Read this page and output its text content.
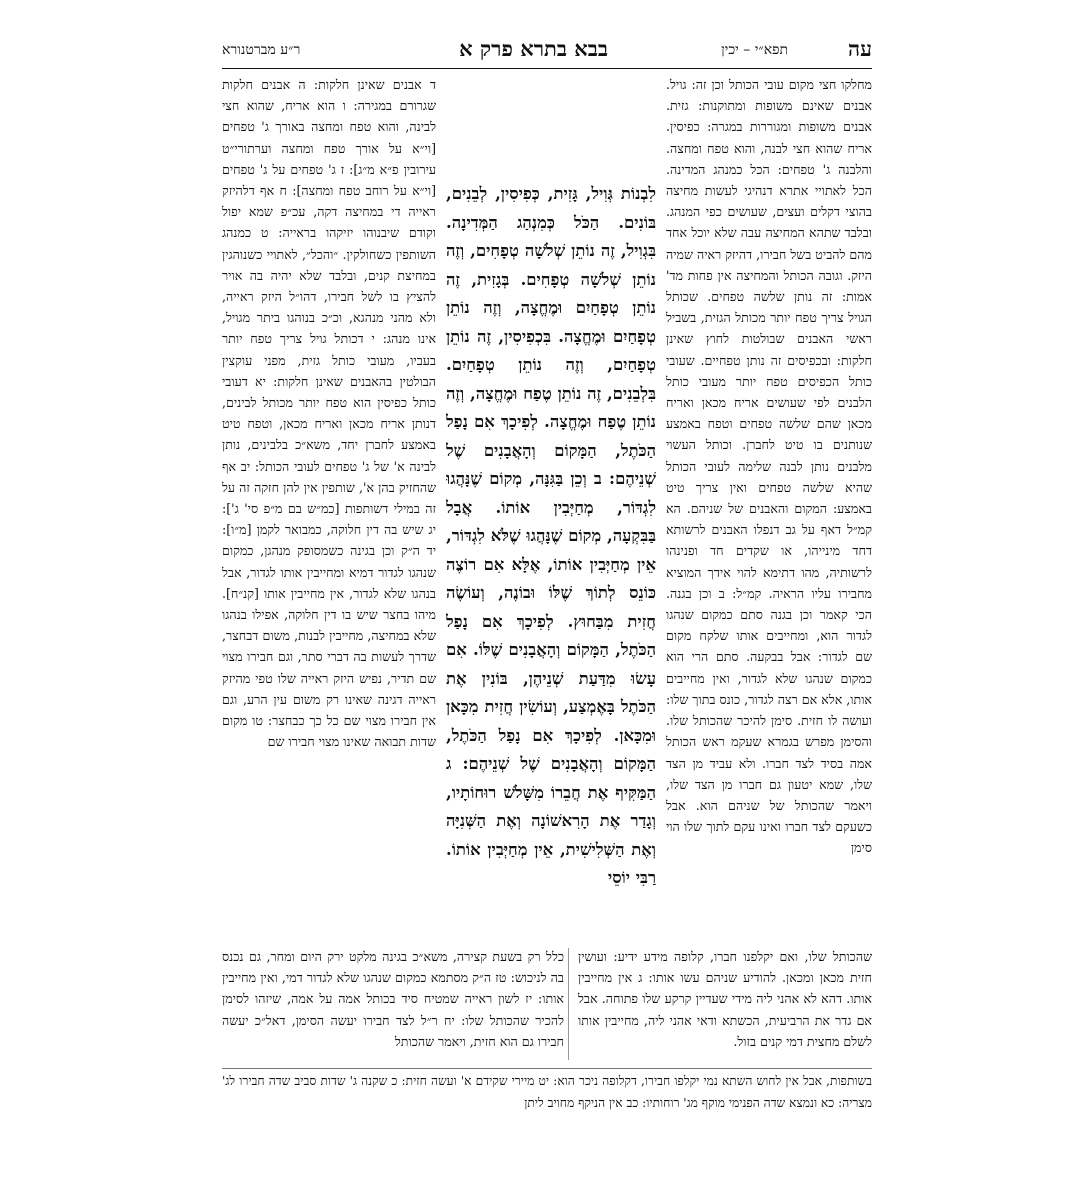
עה
תפא״י – יכין
בבא בתרא פרק א
ר״ע מברטנורא

מחלקו חצי מקום עובי הכותל וכן זה: גויל. אבנים שאינם משופות ומתוקנות: גזית. אבנים משופות ומגוררות במגרה: כפיסין. אריח שהוא חצי לבנה, והוא טפח ומחצה. והלבנה ג' טפחים: הכל כמנהג המדינה. הכל לאתויי אתרא דנהיגי לעשות מחיצה בהוצי דקלים ועצים, שעושים כפי המנהג. ובלבד שתהא המחיצה עבה שלא יוכל אחד מהם להביט בשל חבירו, דהיזק ראיה שמיה היזק. וגובה הכותל והמחיצה אין פחות מד' אמות: זה נותן שלשה טפחים. שכותל הגויל צריך טפח יותר מכותל הגזית, בשביל ראשי האבנים שבולטות לחוץ שאינן חלקות: ובכפיסים זה נותן טפחיים. שעובי כותל הכפיסים טפח יותר מעובי כותל הלבנים לפי שעושים אריח מכאן ואריח מכאן שהם שלשה טפחים וטפח באמצע שנותנים בו טיט לחברן. וכותל העשוי מלבנים נותן לבנה שלימה לעובי הכותל שהיא שלשה טפחים ואין צריך טיט באמצע: המקום והאבנים של שניהם. הא קמ״ל דאף על גב דנפלו האבנים לרשותא דחד מינייהו, או שקדים חד ופנינהו לרשותיה, מהו דתימא להוי אידך המוציא מחבירו עליו הראיה. קמ״ל: ב וכן בגנה. הכי קאמר וכן בגנה סתם כמקום שנהגו לגדור הוא, ומחייבים אותו שלקח מקום שם לגדור: אבל בבקעה. סתם הרי הוא כמקום שנהגו שלא לגדור, ואין מחייבים אותו, אלא אם רצה לגדור, כונס בתוך שלו: ועושה לו חזית. סימן להיכר שהכותל שלו. והסימן מפרש בגמרא שעקמ ראש הכותל אמה בסיד לצד חברו. ולא עביד מן הצד שלו, שמא יטעון גם חברו מן הצד שלו, ויאמר שהכותל של שניהם הוא. אבל כשעקם לצד חברו ואינו עקם לתוך שלו הוי סימן

לִבְנוֹת גְּוִיל, גָּזִית, כְּפִיסִין, לְבֵנִים, בּוֹנִים. הַכֹּל כְּמִנְהַג הַמְּדִינָה. בִּגְוִיל, זֶה נוֹתֵן שְׁלֹשָׁה טְפָחִים, וְזֶה נוֹתֵן שְׁלֹשָׁה טְפָחִים. בְּגָזִית, זֶה נוֹתֵן טְפָחַיִם וּמֶחֱצָה, וְזֶה נוֹתֵן טְפָחַיִם וּמֶחֱצָה. בִּכְפִיסִין, זֶה נוֹתֵן טְפָחַיִם, וְזֶה נוֹתֵן טְפָחַיִם. בִּלְבֵנִים, זֶה נוֹתֵן טֶפַח וּמֶחֱצָה, וְזֶה נוֹתֵן טֶפַח וּמֶחֱצָה. לְפִיכָךְ אִם נָפַל הַכֹּתֶל, הַמָּקוֹם וְהָאֲבָנִים שֶׁל שְׁנֵיהֶם: ב וְכֵן בַּגִּנָּה, מְקוֹם שֶׁנָּהֲגוּ לִגְדּוֹר, מְחַיְּבִין אוֹתוֹ. אֲבָל בַּבִּקְעָה, מְקוֹם שֶׁנָּהֲגוּ שֶׁלֹּא לִגְדּוֹר, אֵין מְחַיְּבִין אוֹתוֹ, אֶלָּא אִם רוֹצֶה כּוֹנֵס לְתוֹךְ שֶׁלּוֹ וּבוֹנֶה, וְעוֹשֶׂה חֲזִית מִבַּחוּץ. לְפִיכָךְ אִם נָפַל הַכֹּתֶל, הַמָּקוֹם וְהָאֲבָנִים שֶׁלּוֹ. אִם עָשׂוּ מִדַּעַת שְׁנֵיהֶן, בּוֹנִין אֶת הַכֹּתֶל בָּאֶמְצַע, וְעוֹשִׂין חֲזִית מִכָּאן וּמִכָּאן. לְפִיכָךְ אִם נָפַל הַכֹּתֶל, הַמָּקוֹם וְהָאֲבָנִים שֶׁל שְׁנֵיהֶם: ג הַמַּקִּיף אֶת חֲבֵרוֹ מִשָּׁלֹשׁ רוּחוֹתָיו, וְגָדַר אֶת הָרִאשׁוֹנָה וְאֶת הַשְּׁנִיָּה וְאֶת הַשְּׁלִישִׁית, אֵין מְחַיְּבִין אוֹתוֹ. רַבִּי יוֹסֵי

ד אבנים שאינן חלקות: ה אבנים חלקות שגרורם במגירה: ו הוא אריח, שהוא חצי לבינה, והוא טפח ומחצה באורך ג' טפחים [וי״א על אורך טפח ומחצה וערתורי״ט עירובין פ״א מ״ג]: ז ג' טפחים על ג' טפחים [וי״א על רוחב טפח ומחצה]: ח אף דלהיזק ראייה די במחיצה דקה, עכ״פ שמא יפול וקודם שיבנוהו יזיקהו בראייה: ט כמנהג השותפין כשחולקין. ״והכל״, לאתויי כשנוהגין במחיצת קנים, ובלבד שלא יהיה בה אויר להציץ בו לשל חבירו, דהו״ל היזק ראייה, ולא מהני מנהגא, וכ״כ בנוהגו ביתר מגויל, אינו מנהג: י דכותל גויל צריך טפח יותר בעביו, מעובי כותל גזית, מפני עוקצין הבולטין בהאבנים שאינן חלקות: יא דעובי כותל כפיסין הוא טפח יותר מכותל לבינים, דנותן אריח מכאן ואריח מכאן, וטפח טיט באמצע לחברן יחד, משא״כ בלבינים, נותן לבינה א' של ג' טפחים לעובי הכותל: יב אף שהחזיק בהן א', שותפין אין להן חזקה זה על זה במילי דשותפות [כמ״ש בם מ״פ סי' ג']: יג שיש בה דין חלוקה, כמבואר לקמן [מ״ו]: יד ה״ק וכן בגינה כשמסופק מנהגן, כמקום שנהגו לגדור דמיא ומחייבין אותו לגדור, אבל בנהגו שלא לגדור, אין מחייבין אותו [קנ״ח]. מיהו בחצר שיש בו דין חלוקה, אפילו בנהגו שלא במחיצה, מחייבין לבנות, משום דבחצר, שדרך לעשות בה דברי סתר, וגם חבירו מצוי שם תדיר, נפיש היזק ראייה שלו טפי מהיזק ראייה דגינה שאינו רק משום עין הרע, וגם אין חבירו מצוי שם כל כך כבחצר: טו מקום שדות תבואה שאינו מצוי חבירו שם

שהכותל שלו, ואם יקלפנו חברו, קלופה מידע ידיע: ועושין חזית מכאן ומכאן. להודיע שניהם עשו אותו: ג אין מחייבין אותו. דהא לא אהני ליה מידי שעדיין קרקע שלו פתוחה. אבל אם גדר את הרביעית, הכשתא ודאי אהני ליה, מחייבין אותו לשלם מחצית דמי קנים בזול.

כלל רק בשעת קצירה, משא״כ בגינה מלקט ירק היום ומחר, גם נכנס בה לניכוש: טז ה״ק מסתמא כמקום שנהגו שלא לגדור דמי, ואין מחייבין אותו: יז לשון ראייה שמטיח סיד בכותל אמה על אמה, שיזהו לסימן להכיר שהכותל שלו: יח ר״ל לצד חבירו יעשה הסימן, דאל״כ יעשה חבירו גם הוא חזית, ויאמר שהכותל

בשותפות, אבל אין לחוש השתא נמי יקלפו חבירו, דקלופה ניכר הוא: יט מיירי שקידם א' ועשה חזית: כ שקנה ג' שדות סביב שדה חבירו לג' מצריה: כא ונמצא שדה הפנימי מוקף מג' רוחותיו: כב אין הניקף מחויב ליתן
